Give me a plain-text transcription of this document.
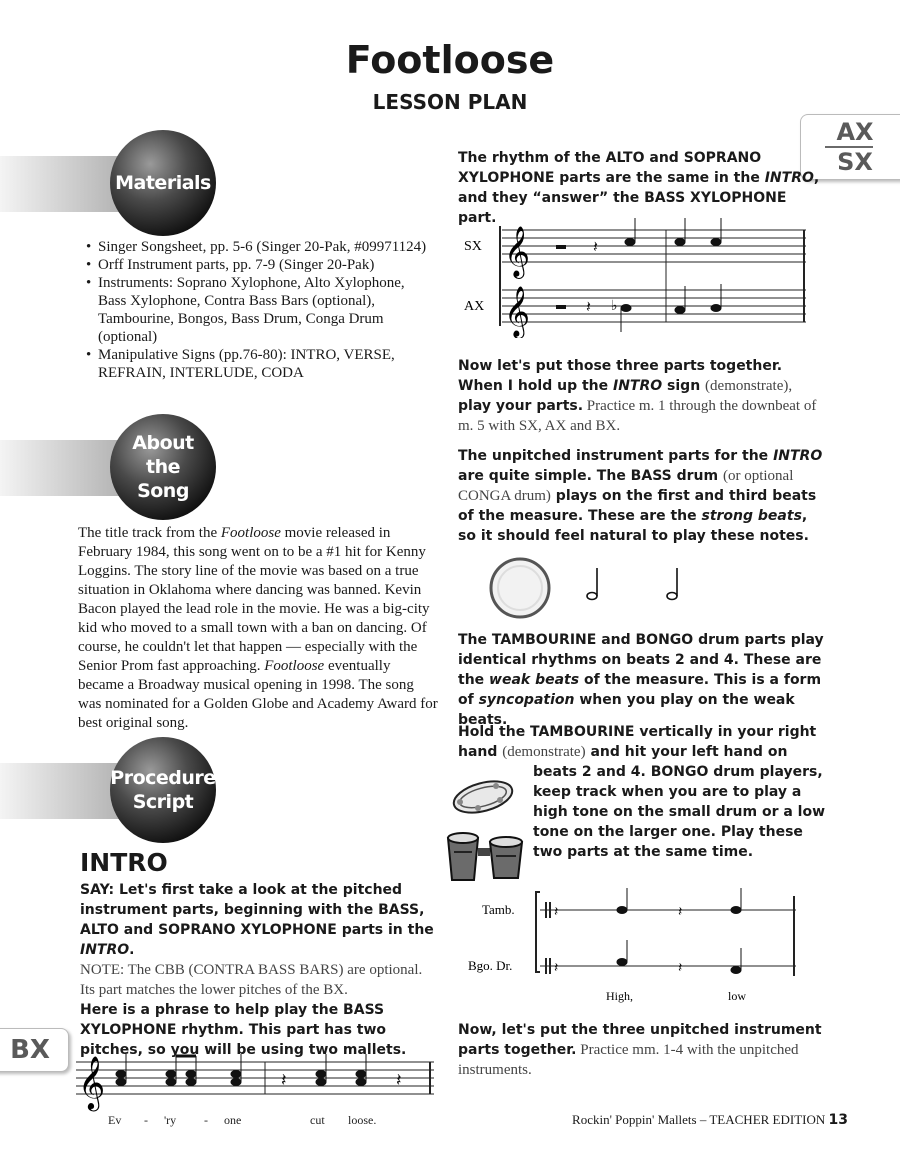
Footloose
LESSON PLAN
AX
SX
Materials
• Singer Songsheet, pp. 5-6 (Singer 20-Pak, #09971124)
• Orff Instrument parts, pp. 7-9 (Singer 20-Pak)
• Instruments: Soprano Xylophone, Alto Xylophone, Bass Xylophone, Contra Bass Bars (optional), Tambourine, Bongos, Bass Drum, Conga Drum (optional)
• Manipulative Signs (pp.76-80): INTRO, VERSE, REFRAIN, INTERLUDE, CODA
About
the
Song
The title track from the Footloose movie released in February 1984, this song went on to be a #1 hit for Kenny Loggins. The story line of the movie was based on a true situation in Oklahoma where dancing was banned. Kevin Bacon played the lead role in the movie. He was a big-city kid who moved to a small town with a ban on dancing. Of course, he couldn't let that happen — especially with the Senior Prom fast approaching. Footloose eventually became a Broadway musical opening in 1998. The song was nominated for a Golden Globe and Academy Award for best original song.
Procedure
Script
INTRO
SAY: Let's first take a look at the pitched instrument parts, beginning with the BASS, ALTO and SOPRANO XYLOPHONE parts in the INTRO.
NOTE: The CBB (CONTRA BASS BARS) are optional. Its part matches the lower pitches of the BX.
Here is a phrase to help play the BASS XYLOPHONE rhythm. This part has two pitches, so you will be using two mallets.
BX
𝄞	𝄽	𝄽
Ev - 'ry - one	cut loose.
The rhythm of the ALTO and SOPRANO XYLOPHONE parts are the same in the INTRO, and they “answer” the BASS XYLOPHONE part.
SX
AX
𝄞
𝄞
𝄽
𝄽 ♭

Now let's put those three parts together. When I hold up the INTRO sign (demonstrate), play your parts. Practice m. 1 through the downbeat of m. 5 with SX, AX and BX.

The unpitched instrument parts for the INTRO are quite simple. The BASS drum (or optional CONGA drum) plays on the first and third beats of the measure. These are the strong beats, so it should feel natural to play these notes.

The TAMBOURINE and BONGO drum parts play identical rhythms on beats 2 and 4. These are the weak beats of the measure. This is a form of syncopation when you play on the weak beats.

Hold the TAMBOURINE vertically in your right hand (demonstrate) and hit your left hand on beats 2 and 4. BONGO drum players, keep track when you are to play a high tone on the small drum or a low tone on the larger one. Play these two parts at the same time.
Tamb.
Bgo. Dr.
𝄽	𝄽
𝄽	𝄽
High,	low
Now, let's put the three unpitched instrument parts together. Practice mm. 1-4 with the unpitched instruments.
Rockin' Poppin' Mallets – TEACHER EDITION 13
